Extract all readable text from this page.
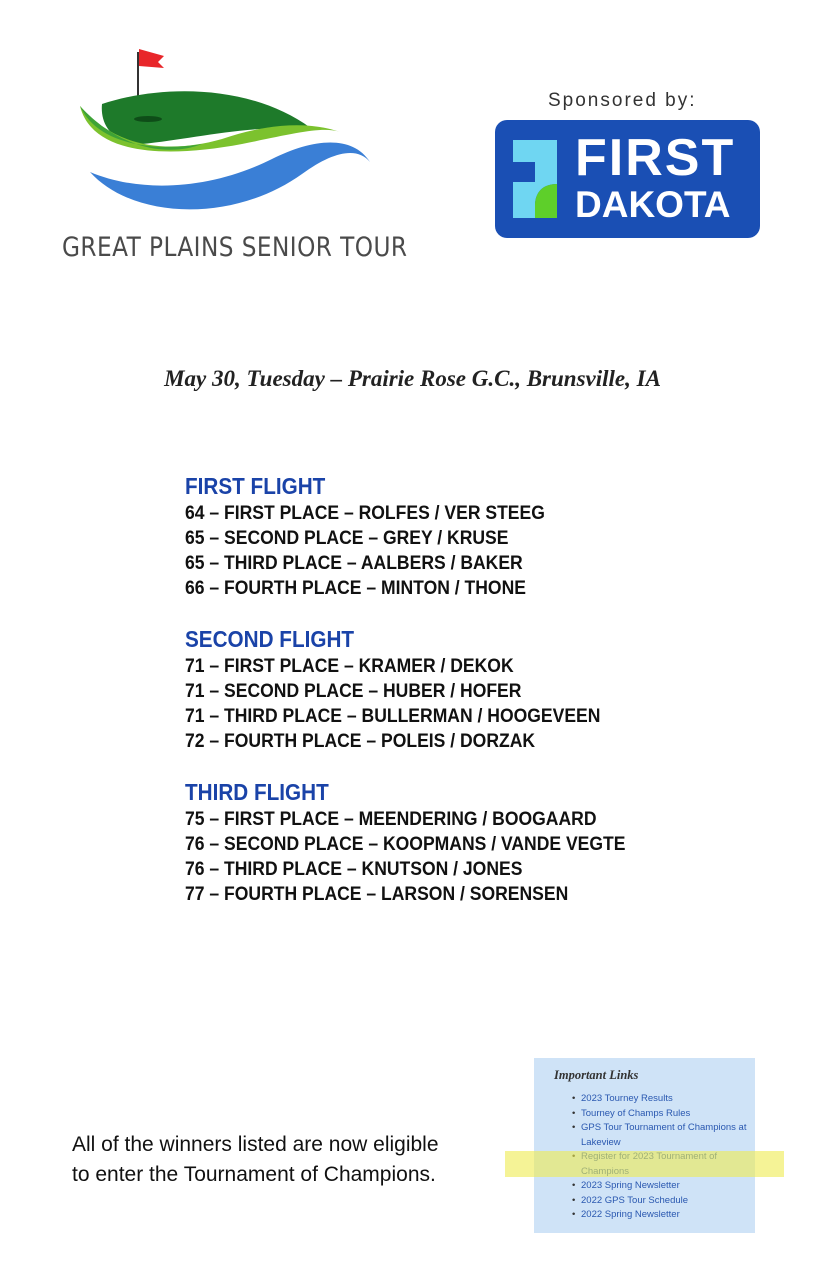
GREAT PLAINS SENIOR TOUR
Sponsored by:
FIRST
DAKOTA
May 30, Tuesday – Prairie Rose G.C., Brunsville, IA
FIRST FLIGHT
64 – FIRST PLACE – ROLFES / VER STEEG
65 – SECOND PLACE – GREY / KRUSE
65 – THIRD PLACE – AALBERS / BAKER
66 – FOURTH PLACE – MINTON / THONE
SECOND FLIGHT
71 – FIRST PLACE – KRAMER / DEKOK
71 – SECOND PLACE – HUBER / HOFER
71 – THIRD PLACE – BULLERMAN / HOOGEVEEN
72 – FOURTH PLACE – POLEIS / DORZAK
THIRD FLIGHT
75 – FIRST PLACE – MEENDERING / BOOGAARD
76 – SECOND PLACE – KOOPMANS / VANDE VEGTE
76 – THIRD PLACE – KNUTSON / JONES
77 – FOURTH PLACE – LARSON / SORENSEN
All of the winners listed are now eligible
to enter the Tournament of Champions.
Important Links
• 2023 Tourney Results
• Tourney of Champs Rules
• GPS Tour Tournament of Champions at Lakeview
•
• 2023 Spring Newsletter
• 2022 GPS Tour Schedule
• 2022 Spring Newsletter
